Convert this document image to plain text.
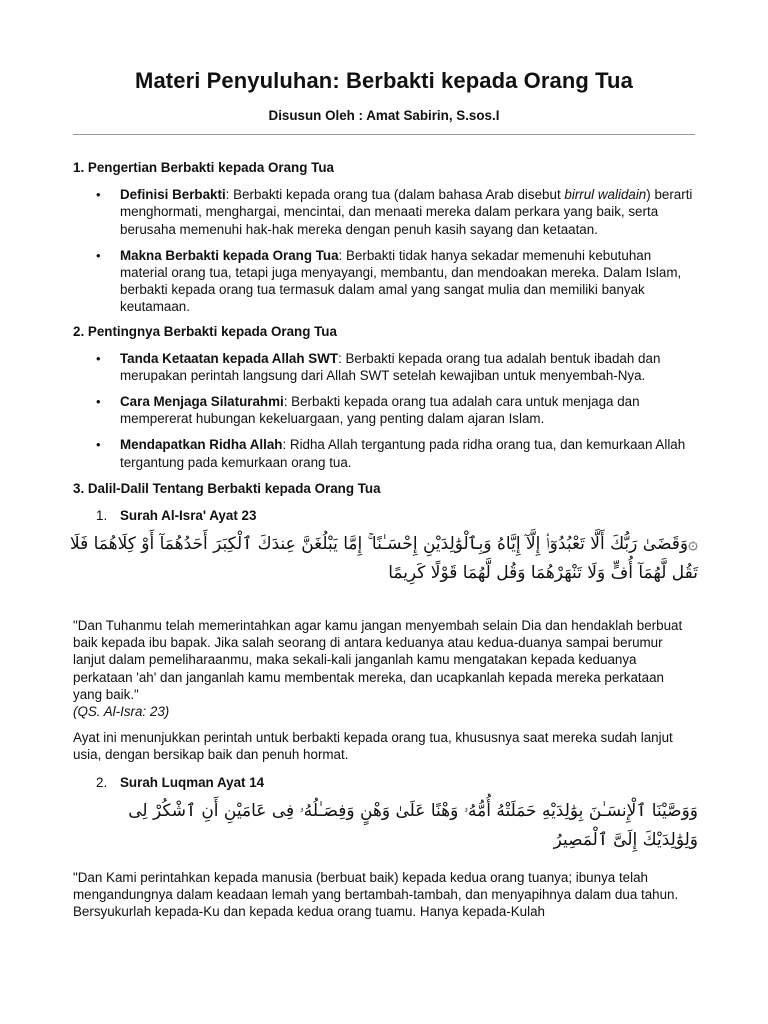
Materi Penyuluhan: Berbakti kepada Orang Tua
Disusun Oleh : Amat Sabirin, S.sos.I
1. Pengertian Berbakti kepada Orang Tua
• Definisi Berbakti: Berbakti kepada orang tua (dalam bahasa Arab disebut birrul walidain) berarti menghormati, menghargai, mencintai, dan menaati mereka dalam perkara yang baik, serta berusaha memenuhi hak-hak mereka dengan penuh kasih sayang dan ketaatan.
• Makna Berbakti kepada Orang Tua: Berbakti tidak hanya sekadar memenuhi kebutuhan material orang tua, tetapi juga menyayangi, membantu, dan mendoakan mereka. Dalam Islam, berbakti kepada orang tua termasuk dalam amal yang sangat mulia dan memiliki banyak keutamaan.
2. Pentingnya Berbakti kepada Orang Tua
• Tanda Ketaatan kepada Allah SWT: Berbakti kepada orang tua adalah bentuk ibadah dan merupakan perintah langsung dari Allah SWT setelah kewajiban untuk menyembah-Nya.
• Cara Menjaga Silaturahmi: Berbakti kepada orang tua adalah cara untuk menjaga dan mempererat hubungan kekeluargaan, yang penting dalam ajaran Islam.
• Mendapatkan Ridha Allah: Ridha Allah tergantung pada ridha orang tua, dan kemurkaan Allah tergantung pada kemurkaan orang tua.
3. Dalil-Dalil Tentang Berbakti kepada Orang Tua
1. Surah Al-Isra' Ayat 23
۞وَقَضَىٰ رَبُّكَ أَلَّا تَعْبُدُوٓا۟ إِلَّآ إِيَّاهُ وَبِٱلْوَٰلِدَيْنِ إِحْسَـٰنًا ۚ إِمَّا يَبْلُغَنَّ عِندَكَ ٱلْكِبَرَ أَحَدُهُمَآ أَوْ كِلَاهُمَا فَلَا تَقُل لَّهُمَآ أُفٍّ وَلَا تَنْهَرْهُمَا وَقُل لَّهُمَا قَوْلًا كَرِيمًا

"Dan Tuhanmu telah memerintahkan agar kamu jangan menyembah selain Dia dan hendaklah berbuat baik kepada ibu bapak. Jika salah seorang di antara keduanya atau kedua-duanya sampai berumur lanjut dalam pemeliharaanmu, maka sekali-kali janganlah kamu mengatakan kepada keduanya perkataan 'ah' dan janganlah kamu membentak mereka, dan ucapkanlah kepada mereka perkataan yang baik."
(QS. Al-Isra: 23)

Ayat ini menunjukkan perintah untuk berbakti kepada orang tua, khususnya saat mereka sudah lanjut usia, dengan bersikap baik dan penuh hormat.

2. Surah Luqman Ayat 14
وَوَصَّيْنَا ٱلْإِنسَـٰنَ بِوَٰلِدَيْهِ حَمَلَتْهُ أُمُّهُۥ وَهْنًا عَلَىٰ وَهْنٍ وَفِصَـٰلُهُۥ فِى عَامَيْنِ أَنِ ٱشْكُرْ لِى وَلِوَٰلِدَيْكَ إِلَىَّ ٱلْمَصِيرُ

"Dan Kami perintahkan kepada manusia (berbuat baik) kepada kedua orang tuanya; ibunya telah mengandungnya dalam keadaan lemah yang bertambah-tambah, dan menyapihnya dalam dua tahun. Bersyukurlah kepada-Ku dan kepada kedua orang tuamu. Hanya kepada-Kulah
